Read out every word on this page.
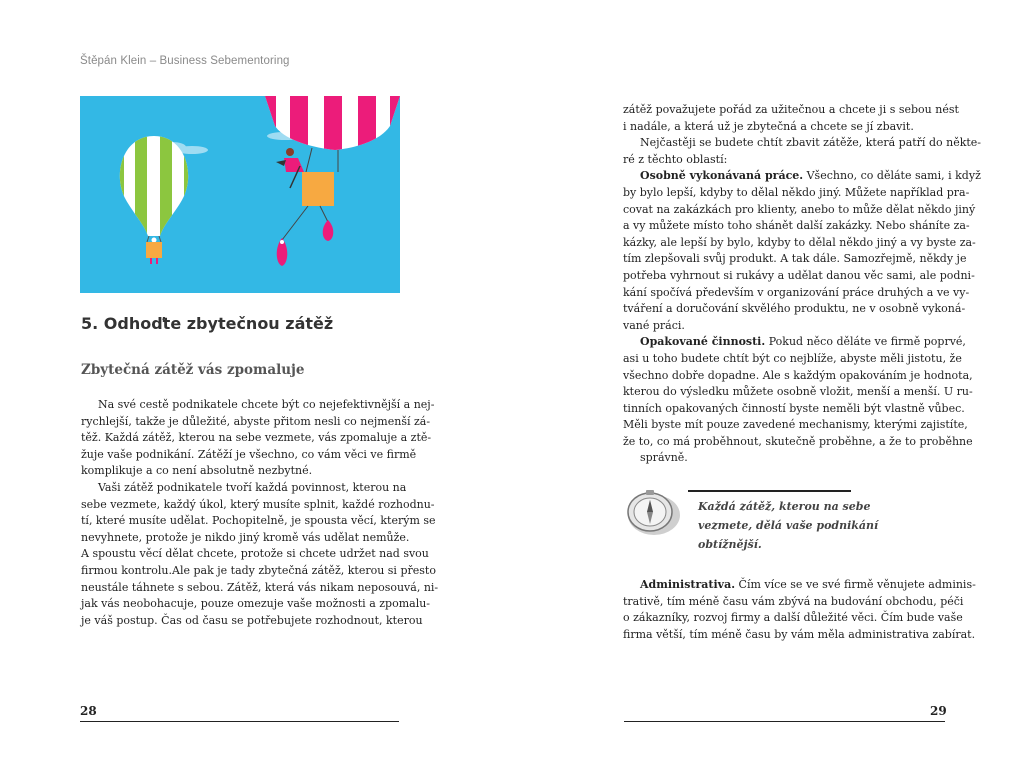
Štěpán Klein – Business Sebementoring
5. Odhoďte zbytečnou zátěž
Zbytečná zátěž vás zpomaluje
Na své cestě podnikatele chcete být co nejefektivnější a nej-
rychlejší, takže je důležité, abyste přitom nesli co nejmenší zá-
těž. Každá zátěž, kterou na sebe vezmete, vás zpomaluje a ztě-
žuje vaše podnikání. Zátěží je všechno, co vám věci ve firmě
komplikuje a co není absolutně nezbytné.
Vaši zátěž podnikatele tvoří každá povinnost, kterou na
sebe vezmete, každý úkol, který musíte splnit, každé rozhodnu-
tí, které musíte udělat. Pochopitelně, je spousta věcí, kterým se
nevyhnete, protože je nikdo jiný kromě vás udělat nemůže.
A spoustu věcí dělat chcete, protože si chcete udržet nad svou
firmou kontrolu.Ale pak je tady zbytečná zátěž, kterou si přesto
neustále táhnete s sebou. Zátěž, která vás nikam neposouvá, ni-
jak vás neobohacuje, pouze omezuje vaše možnosti a zpomalu-
je váš postup. Čas od času se potřebujete rozhodnout, kterou
28
zátěž považujete pořád za užitečnou a chcete ji s sebou nést
i nadále, a která už je zbytečná a chcete se jí zbavit.
Nejčastěji se budete chtít zbavit zátěže, která patří do někte-
ré z těchto oblastí:
Osobně vykonávaná práce. Všechno, co děláte sami, i když
by bylo lepší, kdyby to dělal někdo jiný. Můžete například pra-
covat na zakázkách pro klienty, anebo to může dělat někdo jiný
a vy můžete místo toho shánět další zakázky. Nebo sháníte za-
kázky, ale lepší by bylo, kdyby to dělal někdo jiný a vy byste za-
tím zlepšovali svůj produkt. A tak dále. Samozřejmě, někdy je
potřeba vyhrnout si rukávy a udělat danou věc sami, ale podni-
kání spočívá především v organizování práce druhých a ve vy-
tváření a doručování skvělého produktu, ne v osobně vykoná-
vané práci.
Opakované činnosti. Pokud něco děláte ve firmě poprvé,
asi u toho budete chtít být co nejblíže, abyste měli jistotu, že
všechno dobře dopadne. Ale s každým opakováním je hodnota,
kterou do výsledku můžete osobně vložit, menší a menší. U ru-
tinních opakovaných činností byste neměli být vlastně vůbec.
Měli byste mít pouze zavedené mechanismy, kterými zajistíte,
že to, co má proběhnout, skutečně proběhne, a že to proběhne
správně.
Každá zátěž, kterou na sebe
vezmete, dělá vaše podnikání
obtížnější.
Administrativa. Čím více se ve své firmě věnujete adminis-
trativě, tím méně času vám zbývá na budování obchodu, péči
o zákazníky, rozvoj firmy a další důležité věci. Čím bude vaše
firma větší, tím méně času by vám měla administrativa zabírat.
29
